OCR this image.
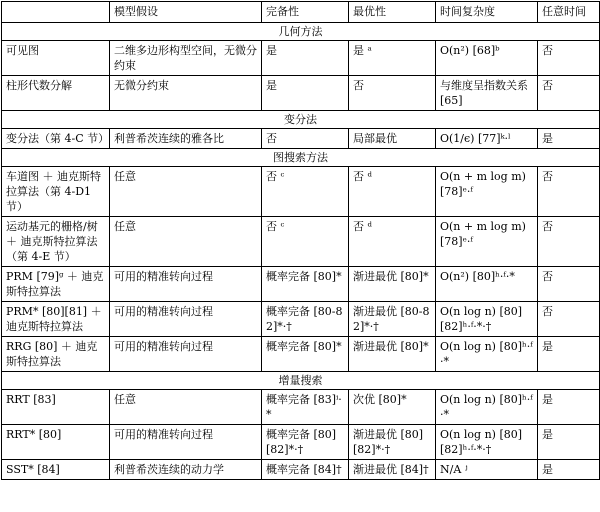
	模型假设	完备性	最优性	时间复杂度	任意时间
几何方法					
可见图	二维多边形构型空间，无微分约束	是	是 ᵃ	O(n²) [68]ᵇ	否
柱形代数分解	无微分约束	是	否	与维度呈指数关系[65]	否
变分法					
变分法（第 4-C 节）	利普希茨连续的雅各比	否	局部最优	O(1/ϵ) [77]ᵏ·ˡ	是
图搜索方法					
车道图 ＋ 迪克斯特拉算法（第 4-D1 节）	任意	否 ᶜ	否 ᵈ	O(n + m log m) [78]ᵉ·ᶠ	否
运动基元的栅格/树 ＋ 迪克斯特拉算法（第 4-E 节）	任意	否 ᶜ	否 ᵈ	O(n + m log m) [78]ᵉ·ᶠ	否
PRM [79]ᵍ ＋ 迪克斯特拉算法	可用的精准转向过程	概率完备 [80]*	渐进最优 [80]*	O(n²) [80]ʰ·ᶠ·*	否
PRM* [80][81] ＋ 迪克斯特拉算法	可用的精准转向过程	概率完备 [80-82]*·†	渐进最优 [80-82]*·†	O(n log n) [80][82]ʰ·ᶠ·*·†	否
RRG [80] ＋ 迪克斯特拉算法	可用的精准转向过程	概率完备 [80]*	渐进最优 [80]*	O(n log n) [80]ʰ·ᶠ·*	是
增量搜索					
RRT [83]	任意	概率完备 [83]ⁱ·*	次优 [80]*	O(n log n) [80]ʰ·ᶠ·*	是
RRT* [80]	可用的精准转向过程	概率完备 [80][82]*·†	渐进最优 [80][82]*·†	O(n log n) [80][82]ʰ·ᶠ·*·†	是
SST* [84]	利普希茨连续的动力学	概率完备 [84]†	渐进最优 [84]†	N/A ʲ	是
